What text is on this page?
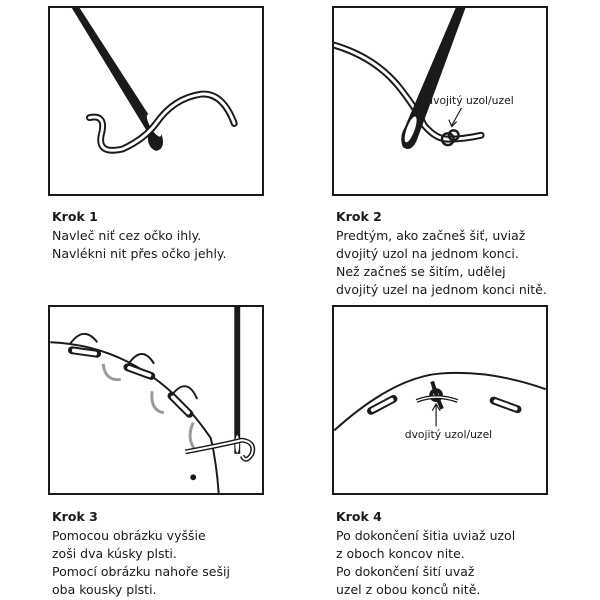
dvojitý uzol/uzel
dvojitý uzol/uzel
Krok 1
Navleč niť cez očko ihly.
Navlékni nit přes očko jehly.
Krok 2
Predtým, ako začneš šiť, uviaž
dvojitý uzol na jednom konci.
Než začneš se šitím, udělej
dvojitý uzel na jednom konci nitě.
Krok 3
Pomocou obrázku vyššie
zoši dva kúsky plsti.
Pomocí obrázku nahoře sešij
oba kousky plsti.
Krok 4
Po dokončení šitia uviaž uzol
z oboch koncov nite.
Po dokončení šití uvaž
uzel z obou konců nitě.
